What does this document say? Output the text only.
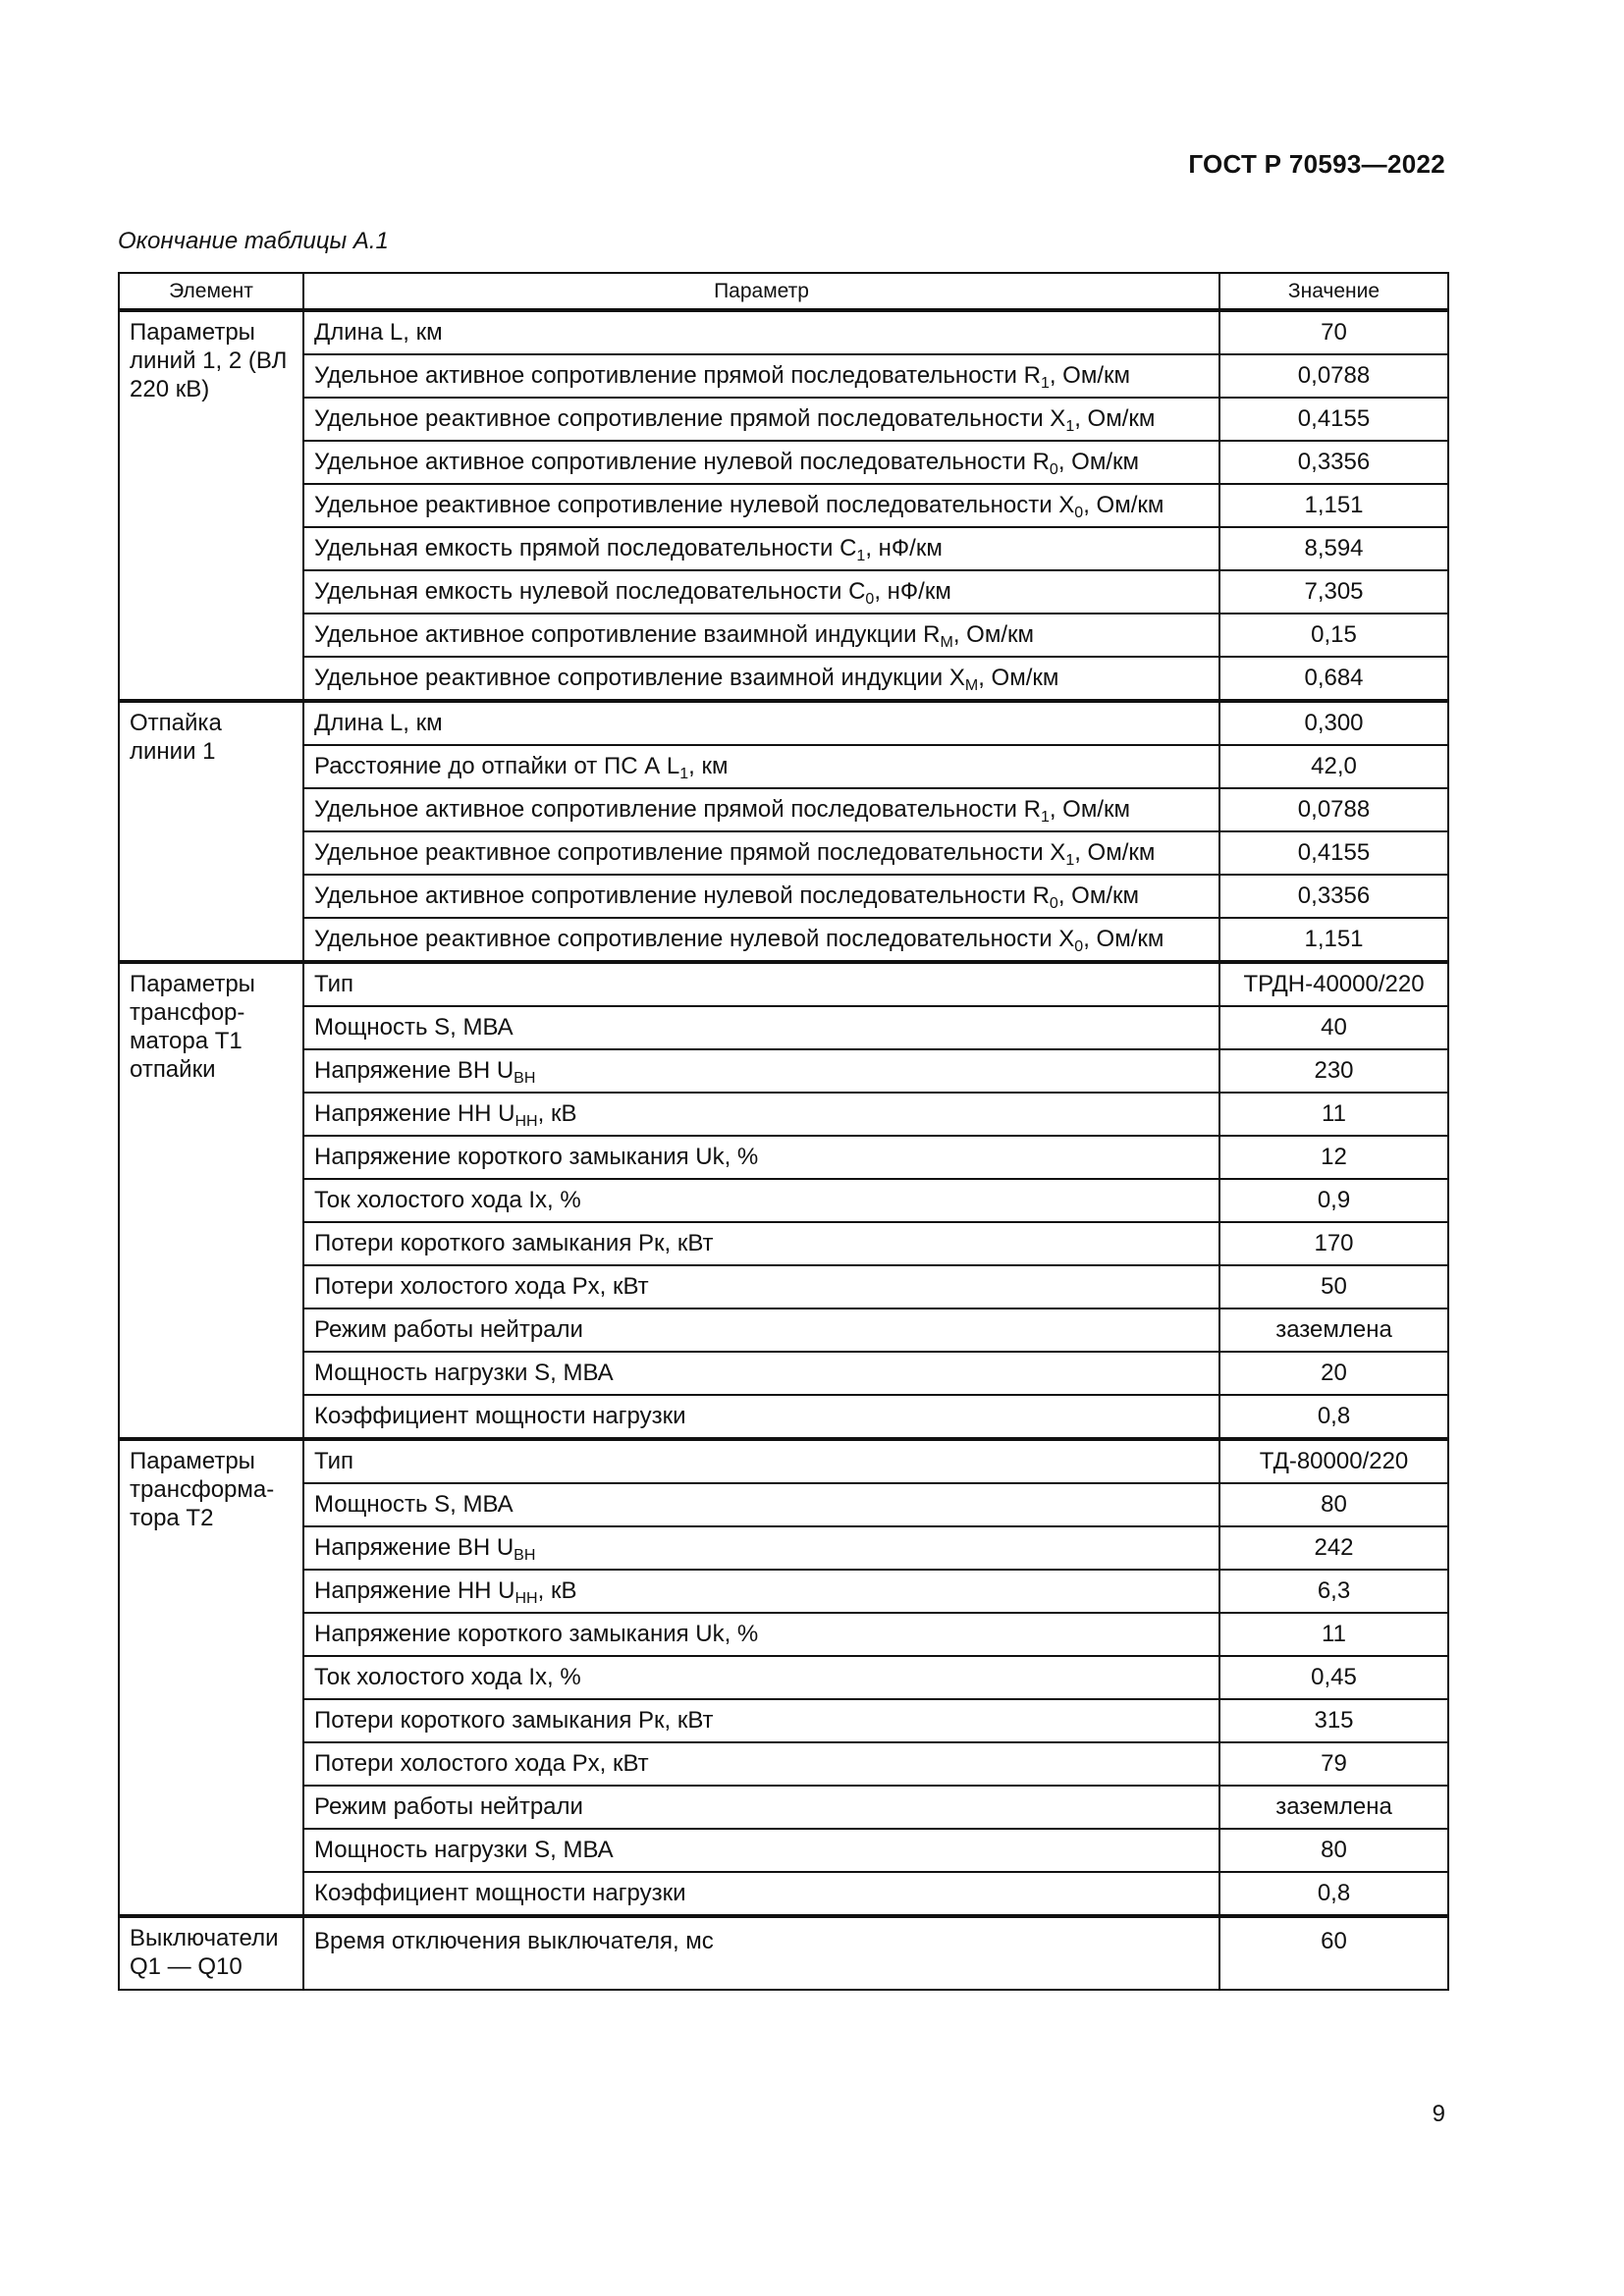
ГОСТ Р 70593—2022
Окончание таблицы А.1
Элемент	Параметр	Значение
Параметры линий 1, 2 (ВЛ 220 кВ)	Длина L, км	70
	Удельное активное сопротивление прямой последовательности $R_1$, Ом/км	0,0788
	Удельное реактивное сопротивление прямой последовательности $X_1$, Ом/км	0,4155
	Удельное активное сопротивление нулевой последовательности $R_0$, Ом/км	0,3356
	Удельное реактивное сопротивление нулевой последовательности $X_0$, Ом/км	1,151
	Удельная емкость прямой последовательности $C_1$, нФ/км	8,594
	Удельная емкость нулевой последовательности $C_0$, нФ/км	7,305
	Удельное активное сопротивление взаимной индукции $R_M$, Ом/км	0,15
	Удельное реактивное сопротивление взаимной индукции $X_M$, Ом/км	0,684
Отпайка линии 1	Длина L, км	0,300
	Расстояние до отпайки от ПС А $L_1$, км	42,0
	Удельное активное сопротивление прямой последовательности $R_1$, Ом/км	0,0788
	Удельное реактивное сопротивление прямой последовательности $X_1$, Ом/км	0,4155
	Удельное активное сопротивление нулевой последовательности $R_0$, Ом/км	0,3356
	Удельное реактивное сопротивление нулевой последовательности $X_0$, Ом/км	1,151
Параметры трансфор-матора Т1 отпайки	Тип	ТРДН-40000/220
	Мощность S, МВА	40
	Напряжение ВН $U_{ВН}$	230
	Напряжение НН $U_{НН}$, кВ	11
	Напряжение короткого замыкания Uk, %	12
	Ток холостого хода Ix, %	0,9
	Потери короткого замыкания Рк, кВт	170
	Потери холостого хода Рх, кВт	50
	Режим работы нейтрали	заземлена
	Мощность нагрузки S, МВА	20
	Коэффициент мощности нагрузки	0,8
Параметры трансформа-тора Т2	Тип	ТД-80000/220
	Мощность S, МВА	80
	Напряжение ВН $U_{ВН}$	242
	Напряжение НН $U_{НН}$, кВ	6,3
	Напряжение короткого замыкания Uk, %	11
	Ток холостого хода Ix, %	0,45
	Потери короткого замыкания Рк, кВт	315
	Потери холостого хода Рх, кВт	79
	Режим работы нейтрали	заземлена
	Мощность нагрузки S, МВА	80
	Коэффициент мощности нагрузки	0,8
Выключатели Q1 — Q10	Время отключения выключателя, мс	60
9
